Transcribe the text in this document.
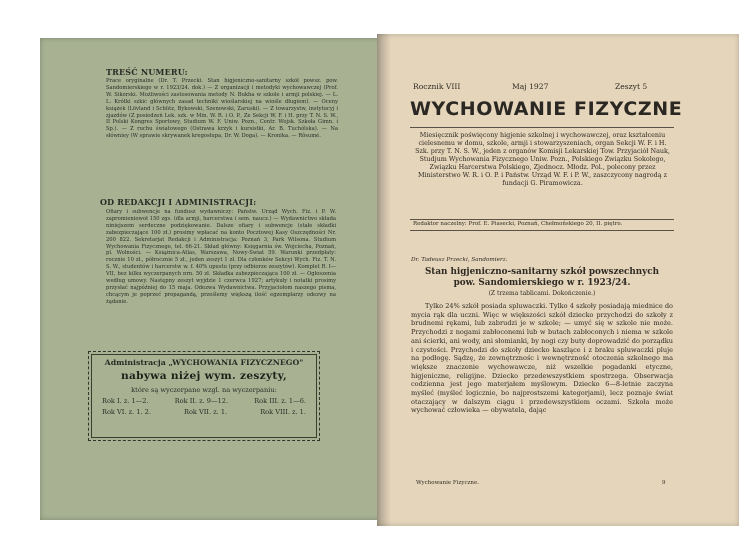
TREŚĆ NUMERU:
Prace oryginalne (Dr. T. Przecki. Stan higjeniczno-sanitarny szkół powsz. pow. Sandomierskiego w r. 1923/24. dok.) — Z organizacji i metodyki wychowawczej (Prof. W. Sikorski. Możliwości zastosowania metody N. Bukha w szkole i armji polskiej. — L. L. Krótki szkic głównych zasad techniki wioślarskiej na wiośle długiem). — Oceny książek (Lövland i Schütz, Bykowski, Szenowski, Zaruski). — Z towarzystw, instytucyj i zjazdów (Z posiedzeń Lek. szk. w Min. W. R. i O. P., Ze Sekcji W. F. i H. przy T. N. S. W., II Polski Kongres Sportowy, Studium W. F. Uniw. Pozn., Centr. Wojsk. Szkoła Gimn. i Sp.). — Z ruchu światowego (Ostrawa krzyk i kursistki, Ar. B. Tuchólska). — Na słówniey (W sprawie skrywanek kregosłupa, Dr. W. Doga). — Kronika. — Rôsumé.
OD REDAKCJI I ADMINISTRACJI:
Ofiary i subwencje na fundusz wydawniczy: Państw. Urząd Wych. Fiz. i P. W. zapromieniowoł 150 zgs. (dla armji, harcerstwa i sem. naucz.) — Wydawnictwo składa niniejszem serdeczne podziękowanie. Dalsze ofiary i subwencje (stałe składki zabezpieczające 100 zł.) prosimy wpłacać na konto Pocztowej Kasy Oszczędności Nr. 200 822. Sekretarjat Redakcji i Administracja: Poznań 3, Park Wilsona. Studium Wychowania Fizycznego, tel. 66-21. Skład główny: Księgarnia św. Wojciecha, Poznań, pl. Wolności. — Książnica-Atlas, Warszawa, Nowy-Świat 59. Warunki przedpłaty: rocznie 10 zł., półrocznie 5 zł., jeden zeszyt 1 zł. Dla członków Sekcyi Wych. Fiz. T. N. S. W., studentów i harcerstw w. f. 40% upustu (przy odbiorze zeszytów). Komplet R. I—VII, bez kilku wyczerpanych nrn. 50 zł. Składka zabezpieczająca 100 zł. — Ogłoszenia według umowy. Następny zeszyt wyjdzie 1 czerwca 1927; artykuły i notatki prosimy przysłać najpóźniej do 15 maja. Odezwa Wydawnictwa. Przyjaciołom naszego pisma, chcącym je poprzeć propagandą, prześlemy większą ilość egzemplarzy odezwy na żądanie.
Administracja „WYCHOWANIA FIZYCZNEGO"
nabywa niżej wym. zeszyty,
które są wyczerpane wzgl. na wyczerpaniu:
Rok I. z. 1—2.	Rok II. z. 9—12.	Rok III. z. 1—6.
Rok VI. z. 1. 2.	Rok VII. z. 1.	Rok VIII. z. 1.
Rocznik VIII	Maj 1927	Zeszyt 5
WYCHOWANIE FIZYCZNE
Miesięcznik poświęcony higjenie szkolnej i wychowawczej, oraz kształceniu cielesnemu w domu, szkole, armji i stowarzyszeniach, organ Sekcji W. F. i H. Szk. przy T. N. S. W., jeden z organów Komisji Lekarskiej Tow. Przyjaciół Nauk, Studjum Wychowania Fizycznego Uniw. Pozn., Polskiego Związku Sokolego, Związku Harcerstwa Polskiego, Zjednocz. Młodz. Pol., polecony przez Ministerstwo W. R. i O. P. i Państw. Urząd W. F. i P. W., zaszczycony nagrodą z fundacji G. Piramowicza.
Redaktor naczelny: Prof. E. Piasecki, Poznań, Chełmońskiego 20, II. piętro.
Dr. Tadeusz Przecki, Sandomierz.
Stan higjeniczno-sanitarny szkół powszechnych
pow. Sandomierskiego w r. 1923/24.
(Z trzema tablicami. Dokończenie.)
Tylko 24% szkół posiada spluwaczki. Tylko 4 szkoły posiadają miednice do mycia rąk dla uczni. Więc w większości szkół dziecko przychodzi do szkoły z brudnemi rękami, lub zabrudzi je w szkole; — umyć się w szkole nie może. Przychodzi z nogami zabłoconemi lub w butach zabłoconych i niema w szkole ani ścierki, ani wody, ani słomianki, by nogi czy buty doprowadzić do porządku i czystości. Przychodzi do szkoły dziecko kaszlące i z braku spluwaczki pluje na podłogę. Sądzę, że zewnętrznośc i wewnętrzność otoczenia szkolnego ma większe znaczenie wychowawcze, niż wszelkie pogadanki etyczne, higjeniczne, religijne. Dziecko przedewszystkiem spostrzega. Obserwacja codzienna jest jego materjałem myślowym. Dziecko 6—8-letnie zaczyna myśleć (myśleć logicznie, bo najprostszemi kategorjami), lecz poznaje świat otaczający w dalszym ciągu i przedewszystkiem oczami. Szkoła może wychować człowieka — obywatela, dając
Wychowanie Fizyczne.	9
